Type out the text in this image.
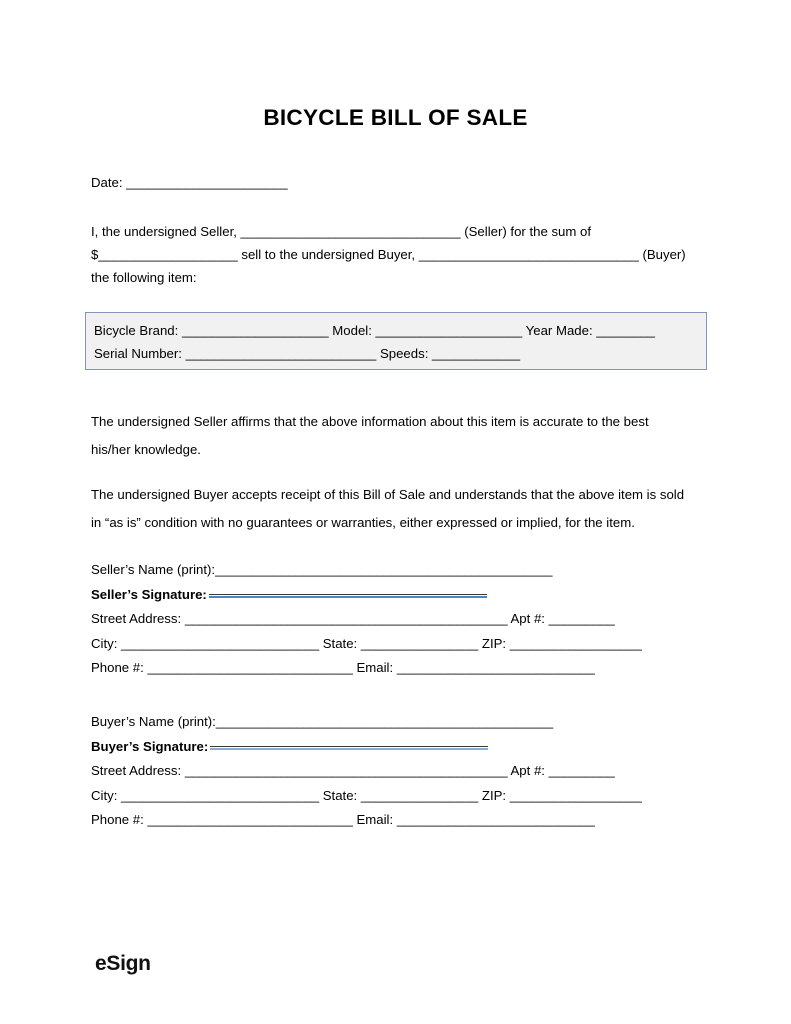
BICYCLE BILL OF SALE
Date: ______________________
I, the undersigned Seller, ______________________________ (Seller) for the sum of
$___________________ sell to the undersigned Buyer, ______________________________ (Buyer)
the following item:
Bicycle Brand: ____________________ Model: ____________________ Year Made: ________
Serial Number: __________________________ Speeds: ____________
The undersigned Seller affirms that the above information about this item is accurate to the best his/her knowledge.
The undersigned Buyer accepts receipt of this Bill of Sale and understands that the above item is sold in “as is” condition with no guarantees or warranties, either expressed or implied, for the item.
Seller’s Name (print):______________________________________________
Seller’s Signature:
Street Address: ____________________________________________ Apt #: _________
City: ___________________________ State: ________________ ZIP: __________________
Phone #: ____________________________ Email: ___________________________
Buyer’s Name (print):______________________________________________
Buyer’s Signature:
Street Address: ____________________________________________ Apt #: _________
City: ___________________________ State: ________________ ZIP: __________________
Phone #: ____________________________ Email: ___________________________
eSign
